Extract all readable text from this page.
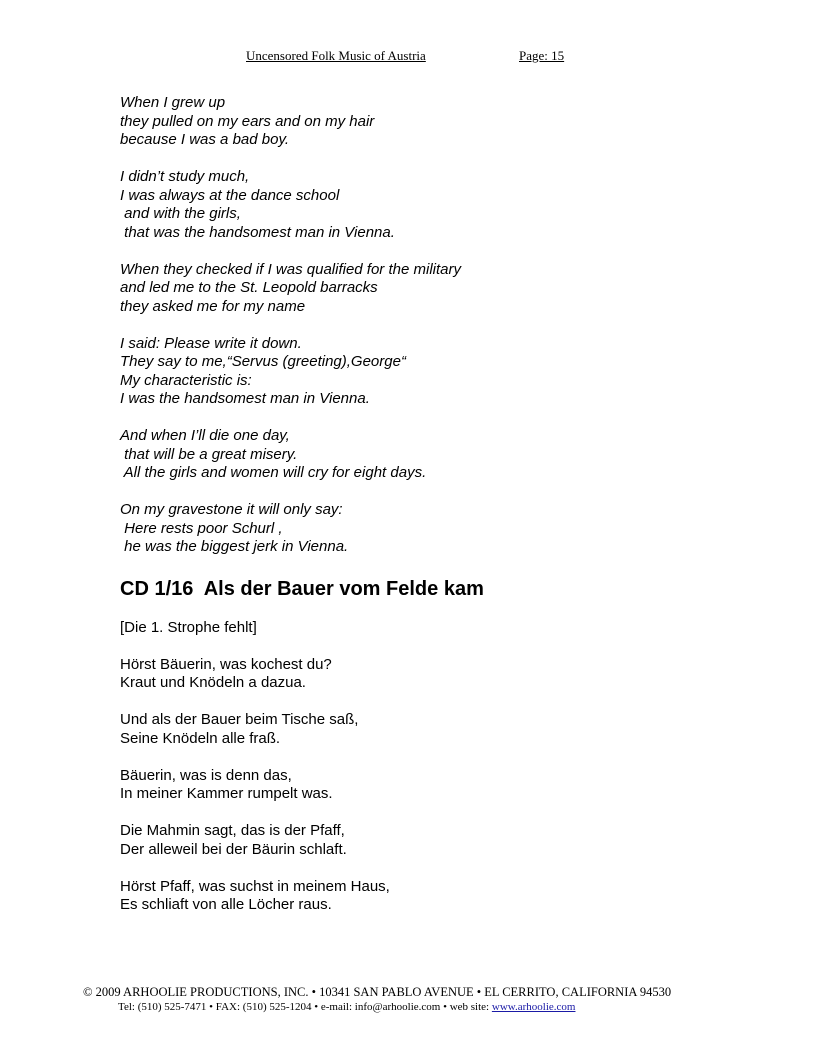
Uncensored Folk Music of Austria	Page: 15
When I grew up
they pulled on my ears and on my hair
because I was a bad boy.
I didn’t study much,
I was always at the dance school
and with the girls,
that was the handsomest man in Vienna.
When they checked if I was qualified for the military
and led me to the St. Leopold barracks
they asked me for my name
I said: Please write it down.
They say to me,“Servus (greeting),George“
My characteristic is:
I was the handsomest man in Vienna.
And when I’ll die one day,
that will be a great misery.
All the girls and women will cry for eight days.
On my gravestone it will only say:
Here rests poor Schurl ,
he was the biggest jerk in Vienna.
CD 1/16  Als der Bauer vom Felde kam
[Die 1. Strophe fehlt]
Hörst Bäuerin, was kochest du?
Kraut und Knödeln a dazua.
Und als der Bauer beim Tische saß,
Seine Knödeln alle fraß.
Bäuerin, was is denn das,
In meiner Kammer rumpelt was.
Die Mahmin sagt, das is der Pfaff,
Der alleweil bei der Bäurin schlaft.
Hörst Pfaff, was suchst in meinem Haus,
Es schliaft von alle Löcher raus.
© 2009 ARHOOLIE PRODUCTIONS, INC. • 10341 SAN PABLO AVENUE • EL CERRITO, CALIFORNIA 94530
Tel: (510) 525-7471 • FAX: (510) 525-1204 • e-mail: info@arhoolie.com • web site: www.arhoolie.com
